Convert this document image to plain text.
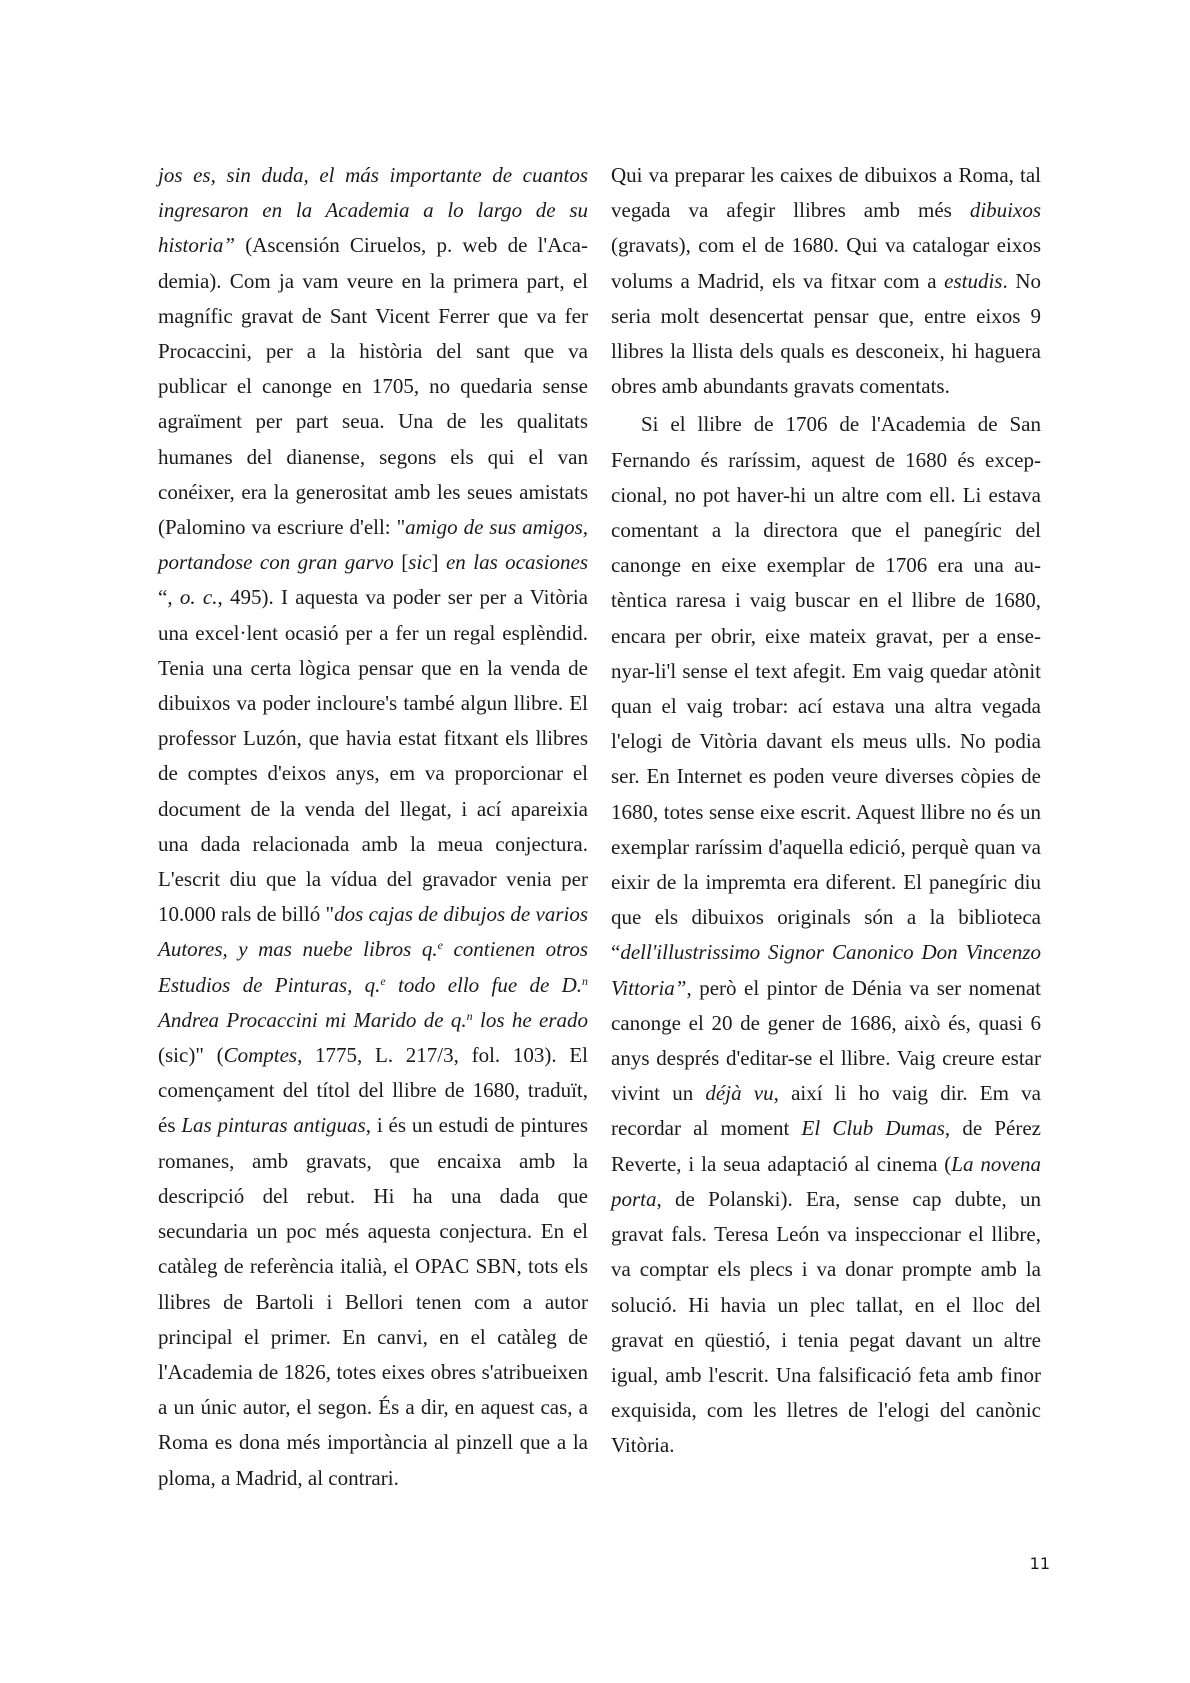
jos es, sin duda, el más importante de cuantos ingresaron en la Academia a lo largo de su historia” (Ascensión Ciruelos, p. web de l'Academia). Com ja vam veure en la primera part, el magnífic gravat de Sant Vicent Ferrer que va fer Procaccini, per a la història del sant que va publicar el canonge en 1705, no quedaria sense agraïment per part seua. Una de les qualitats humanes del dianense, segons els qui el van conéixer, era la generositat amb les seues amistats (Palomino va escriure d'ell: "amigo de sus amigos, portandose con gran garvo [sic] en las ocasiones “, o. c., 495). I aquesta va poder ser per a Vitòria una excel·lent ocasió per a fer un regal esplèndid. Tenia una certa lògica pensar que en la venda de dibuixos va poder incloure's també algun llibre. El professor Luzón, que havia estat fitxant els llibres de comptes d'eixos anys, em va proporcionar el document de la venda del llegat, i ací apareixia una dada relacionada amb la meua conjectura. L'escrit diu que la vídua del gravador venia per 10.000 rals de billó "dos cajas de dibujos de varios Autores, y mas nuebe libros q.$^e$ contienen otros Estudios de Pinturas, q.$^e$ todo ello fue de D.$^n$ Andrea Procaccini mi Marido de q.$^n$ los he erado (sic)" (Comptes, 1775, L. 217/3, fol. 103). El començament del títol del llibre de 1680, traduït, és Las pinturas antiguas, i és un estudi de pintures romanes, amb gravats, que encaixa amb la descripció del rebut. Hi ha una dada que secundaria un poc més aquesta conjectura. En el catàleg de referència italià, el OPAC SBN, tots els llibres de Bartoli i Bellori tenen com a autor principal el primer. En canvi, en el catàleg de l'Academia de 1826, totes eixes obres s'atribueixen a un únic autor, el segon. És a dir, en aquest cas, a Roma es dona més importància al pinzell que a la ploma, a Madrid, al contrari.

Qui va preparar les caixes de dibuixos a Roma, tal vegada va afegir llibres amb més dibuixos (gravats), com el de 1680. Qui va catalogar eixos volums a Madrid, els va fitxar com a estudis. No seria molt desencertat pensar que, entre eixos 9 llibres la llista dels quals es desconeix, hi haguera obres amb abundants gravats comentats.

Si el llibre de 1706 de l'Academia de San Fernando és raríssim, aquest de 1680 és excepcional, no pot haver-hi un altre com ell. Li estava comentant a la directora que el panegíric del canonge en eixe exemplar de 1706 era una autèntica raresa i vaig buscar en el llibre de 1680, encara per obrir, eixe mateix gravat, per a ensenyar-li'l sense el text afegit. Em vaig quedar atònit quan el vaig trobar: ací estava una altra vegada l'elogi de Vitòria davant els meus ulls. No podia ser. En Internet es poden veure diverses còpies de 1680, totes sense eixe escrit. Aquest llibre no és un exemplar raríssim d'aquella edició, perquè quan va eixir de la impremta era diferent. El panegíric diu que els dibuixos originals són a la biblioteca “dell'illustrissimo Signor Canonico Don Vincenzo Vittoria”, però el pintor de Dénia va ser nomenat canonge el 20 de gener de 1686, això és, quasi 6 anys després d'editar-se el llibre. Vaig creure estar vivint un déjà vu, així li ho vaig dir. Em va recordar al moment El Club Dumas, de Pérez Reverte, i la seua adaptació al cinema (La novena porta, de Polanski). Era, sense cap dubte, un gravat fals. Teresa León va inspeccionar el llibre, va comptar els plecs i va donar prompte amb la solució. Hi havia un plec tallat, en el lloc del gravat en qüestió, i tenia pegat davant un altre igual, amb l'escrit. Una falsificació feta amb finor exquisida, com les lletres de l'elogi del canònic Vitòria.

11
